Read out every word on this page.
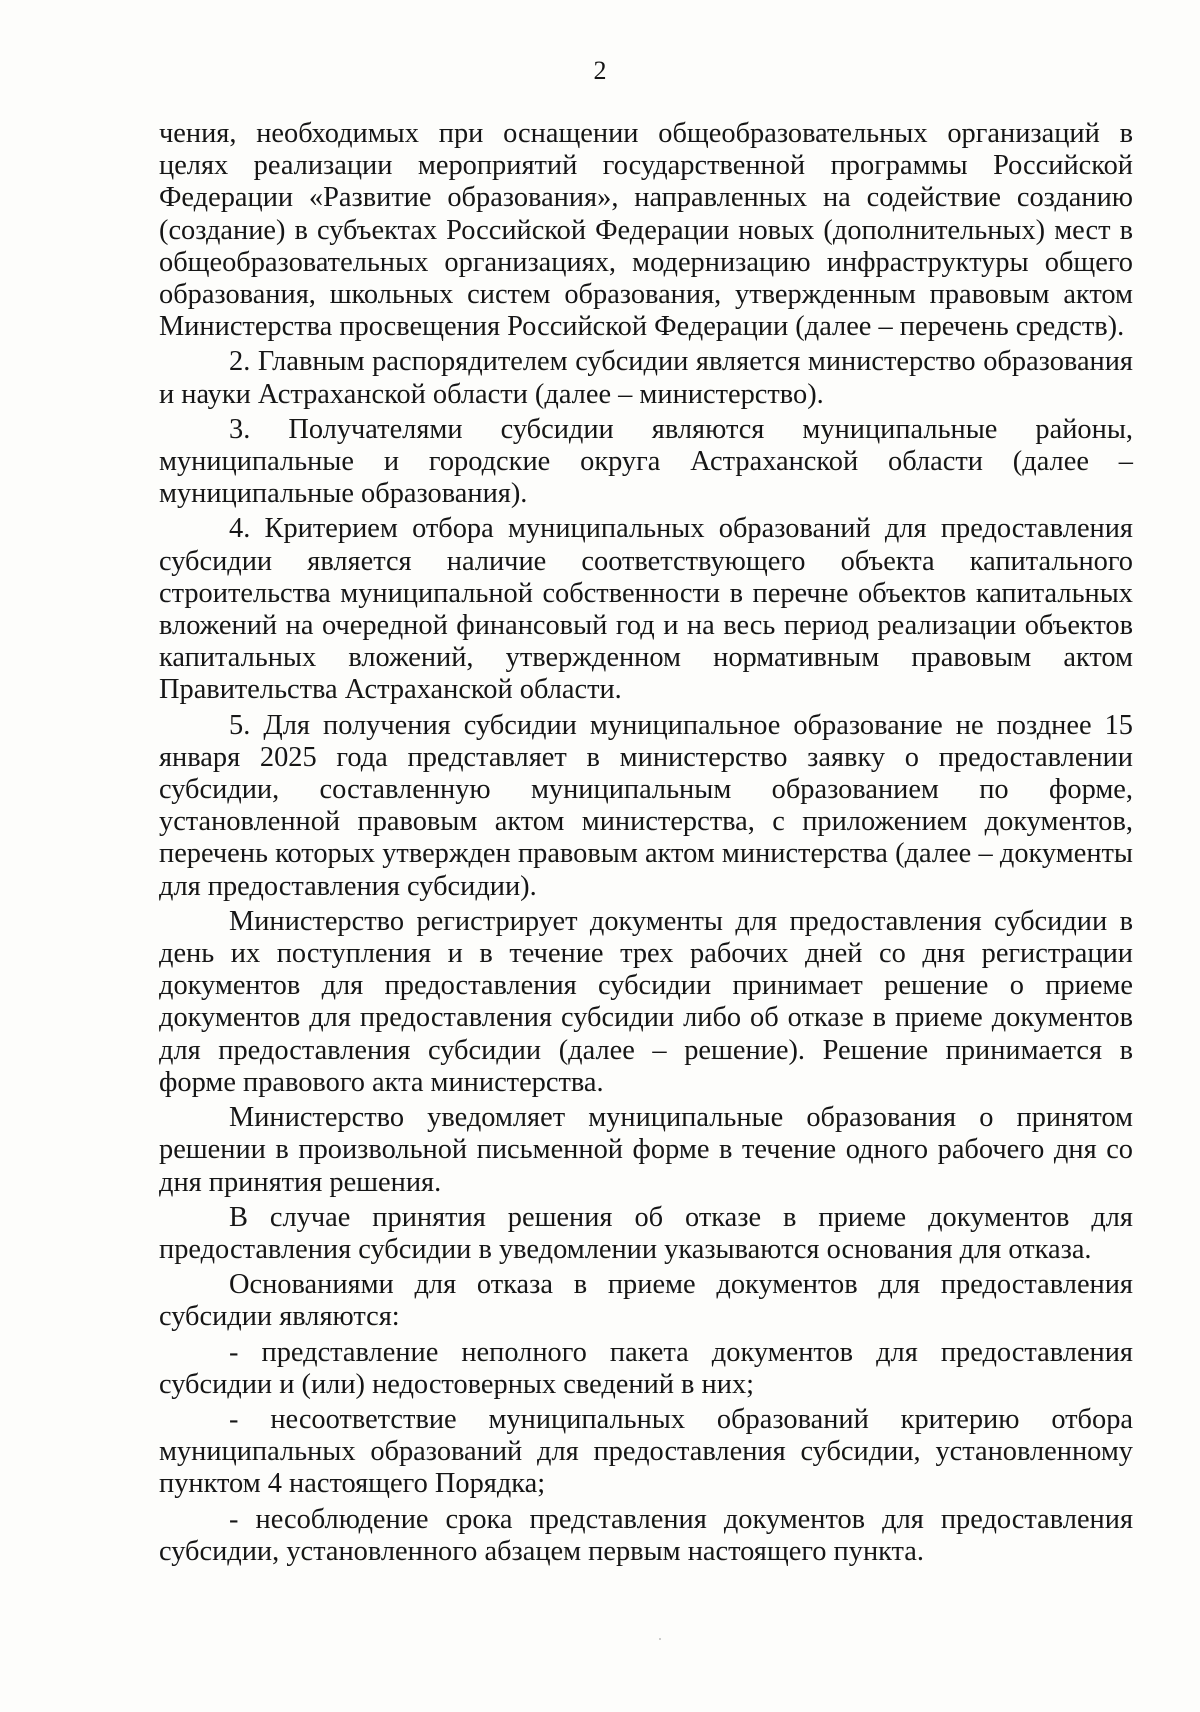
2

чения, необходимых при оснащении общеобразовательных организаций в целях реализации мероприятий государственной программы Российской Федерации «Развитие образования», направленных на содействие созданию (создание) в субъектах Российской Федерации новых (дополнительных) мест в общеобразовательных организациях, модернизацию инфраструктуры общего образования, школьных систем образования, утвержденным правовым актом Министерства просвещения Российской Федерации (далее – перечень средств).

2. Главным распорядителем субсидии является министерство образования и науки Астраханской области (далее – министерство).

3. Получателями субсидии являются муниципальные районы, муниципальные и городские округа Астраханской области (далее – муниципальные образования).

4. Критерием отбора муниципальных образований для предоставления субсидии является наличие соответствующего объекта капитального строительства муниципальной собственности в перечне объектов капитальных вложений на очередной финансовый год и на весь период реализации объектов капитальных вложений, утвержденном нормативным правовым актом Правительства Астраханской области.

5. Для получения субсидии муниципальное образование не позднее 15 января 2025 года представляет в министерство заявку о предоставлении субсидии, составленную муниципальным образованием по форме, установленной правовым актом министерства, с приложением документов, перечень которых утвержден правовым актом министерства (далее – документы для предоставления субсидии).

Министерство регистрирует документы для предоставления субсидии в день их поступления и в течение трех рабочих дней со дня регистрации документов для предоставления субсидии принимает решение о приеме документов для предоставления субсидии либо об отказе в приеме документов для предоставления субсидии (далее – решение). Решение принимается в форме правового акта министерства.

Министерство уведомляет муниципальные образования о принятом решении в произвольной письменной форме в течение одного рабочего дня со дня принятия решения.

В случае принятия решения об отказе в приеме документов для предоставления субсидии в уведомлении указываются основания для отказа.

Основаниями для отказа в приеме документов для предоставления субсидии являются:

- представление неполного пакета документов для предоставления субсидии и (или) недостоверных сведений в них;

- несоответствие муниципальных образований критерию отбора муниципальных образований для предоставления субсидии, установленному пунктом 4 настоящего Порядка;

- несоблюдение срока представления документов для предоставления субсидии, установленного абзацем первым настоящего пункта.
